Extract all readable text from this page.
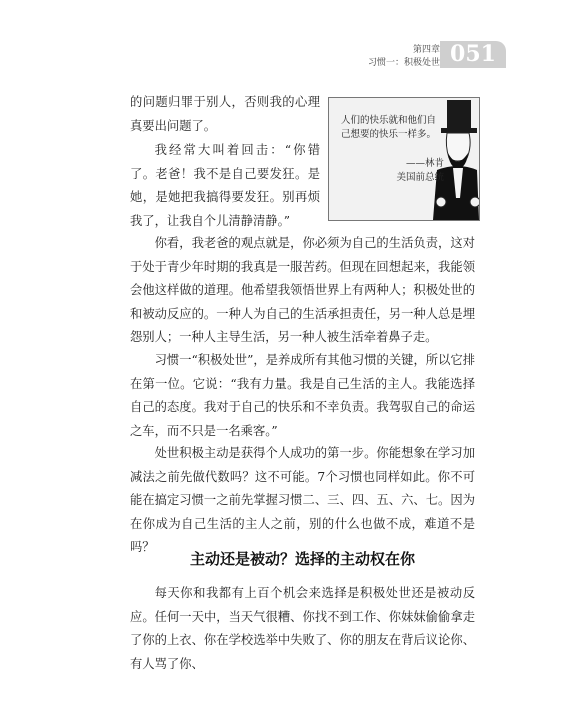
第四章
习惯一：积极处世 051
人们的快乐就和他们自己想要的快乐一样多。
——林肯
美国前总统
的问题归罪于别人，否则我的心理真要出问题了。
我经常大叫着回击：“你错了。老爸！我不是自己要发狂。是她，是她把我搞得要发狂。别再烦我了，让我自个儿清静清静。”
你看，我老爸的观点就是，你必须为自己的生活负责，这对于处于青少年时期的我真是一服苦药。但现在回想起来，我能领会他这样做的道理。他希望我领悟世界上有两种人；积极处世的和被动反应的。一种人为自己的生活承担责任，另一种人总是埋怨别人；一种人主导生活，另一种人被生活牵着鼻子走。
习惯一“积极处世”，是养成所有其他习惯的关键，所以它排在第一位。它说：“我有力量。我是自己生活的主人。我能选择自己的态度。我对于自己的快乐和不幸负责。我驾驭自己的命运之车，而不只是一名乘客。”
处世积极主动是获得个人成功的第一步。你能想象在学习加减法之前先做代数吗？这不可能。7个习惯也同样如此。你不可能在搞定习惯一之前先掌握习惯二、三、四、五、六、七。因为在你成为自己生活的主人之前，别的什么也做不成，难道不是吗？
主动还是被动？选择的主动权在你
每天你和我都有上百个机会来选择是积极处世还是被动反应。任何一天中，当天气很糟、你找不到工作、你妹妹偷偷拿走了你的上衣、你在学校选举中失败了、你的朋友在背后议论你、有人骂了你、
